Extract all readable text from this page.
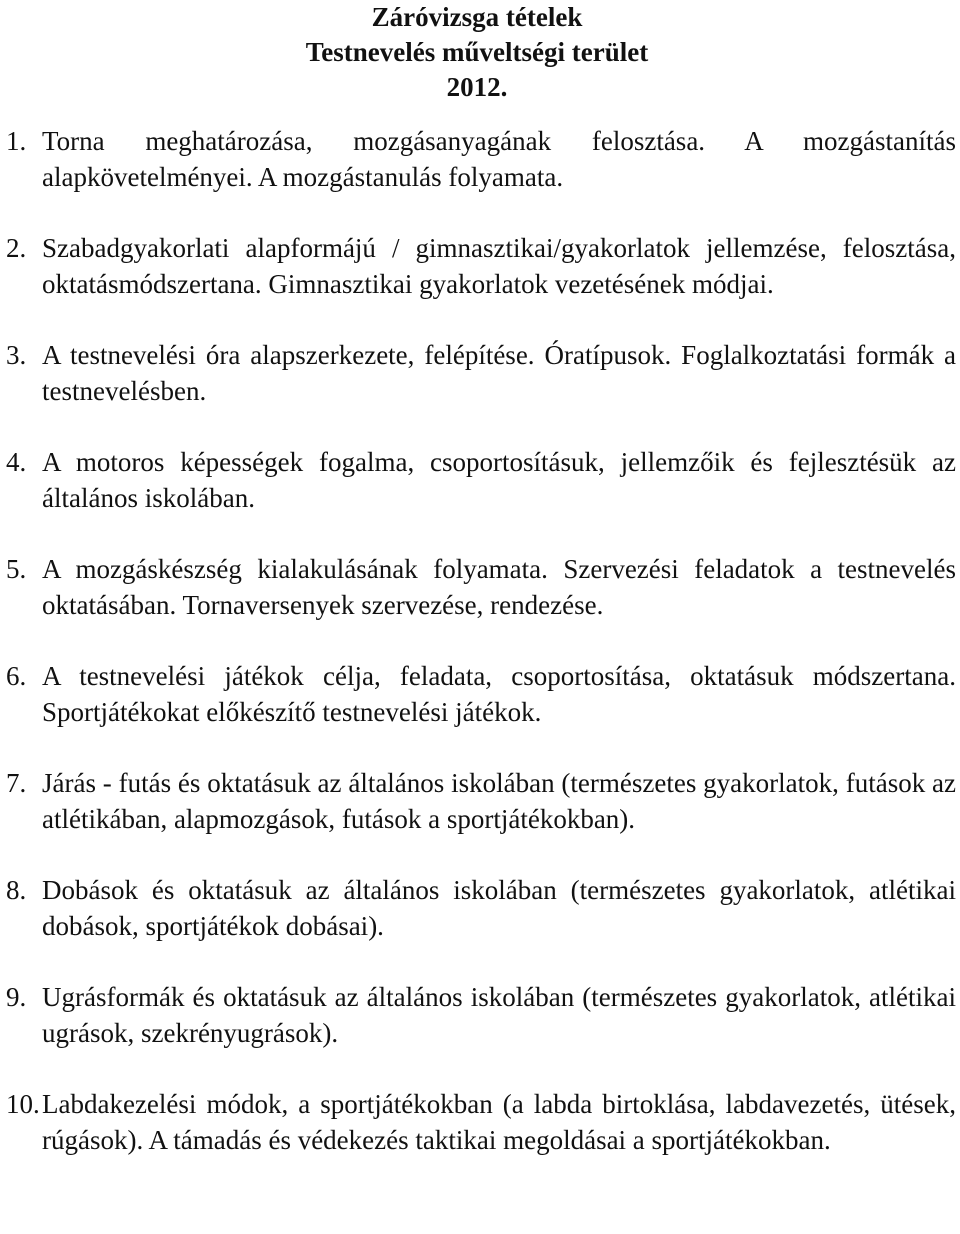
Záróvizsga tételek
Testnevelés műveltségi terület
2012.
1. Torna meghatározása, mozgásanyagának felosztása. A mozgástanítás alapkövetelményei. A mozgástanulás folyamata.
2. Szabadgyakorlati alapformájú / gimnasztikai/gyakorlatok jellemzése, felosztása, oktatásmódszertana. Gimnasztikai gyakorlatok vezetésének módjai.
3. A testnevelési óra alapszerkezete, felépítése. Óratípusok. Foglalkoztatási formák a testnevelésben.
4. A motoros képességek fogalma, csoportosításuk, jellemzőik és fejlesztésük az általános iskolában.
5. A mozgáskészség kialakulásának folyamata. Szervezési feladatok a testnevelés oktatásában. Tornaversenyek szervezése, rendezése.
6. A testnevelési játékok célja, feladata, csoportosítása, oktatásuk módszertana. Sportjátékokat előkészítő testnevelési játékok.
7. Járás - futás és oktatásuk az általános iskolában (természetes gyakorlatok, futások az atlétikában, alapmozgások, futások a sportjátékokban).
8. Dobások és oktatásuk az általános iskolában (természetes gyakorlatok, atlétikai dobások, sportjátékok dobásai).
9. Ugrásformák és oktatásuk az általános iskolában (természetes gyakorlatok, atlétikai ugrások, szekrényugrások).
10. Labdakezelési módok, a sportjátékokban (a labda birtoklása, labdavezetés, ütések, rúgások). A támadás és védekezés taktikai megoldásai a sportjátékokban.
